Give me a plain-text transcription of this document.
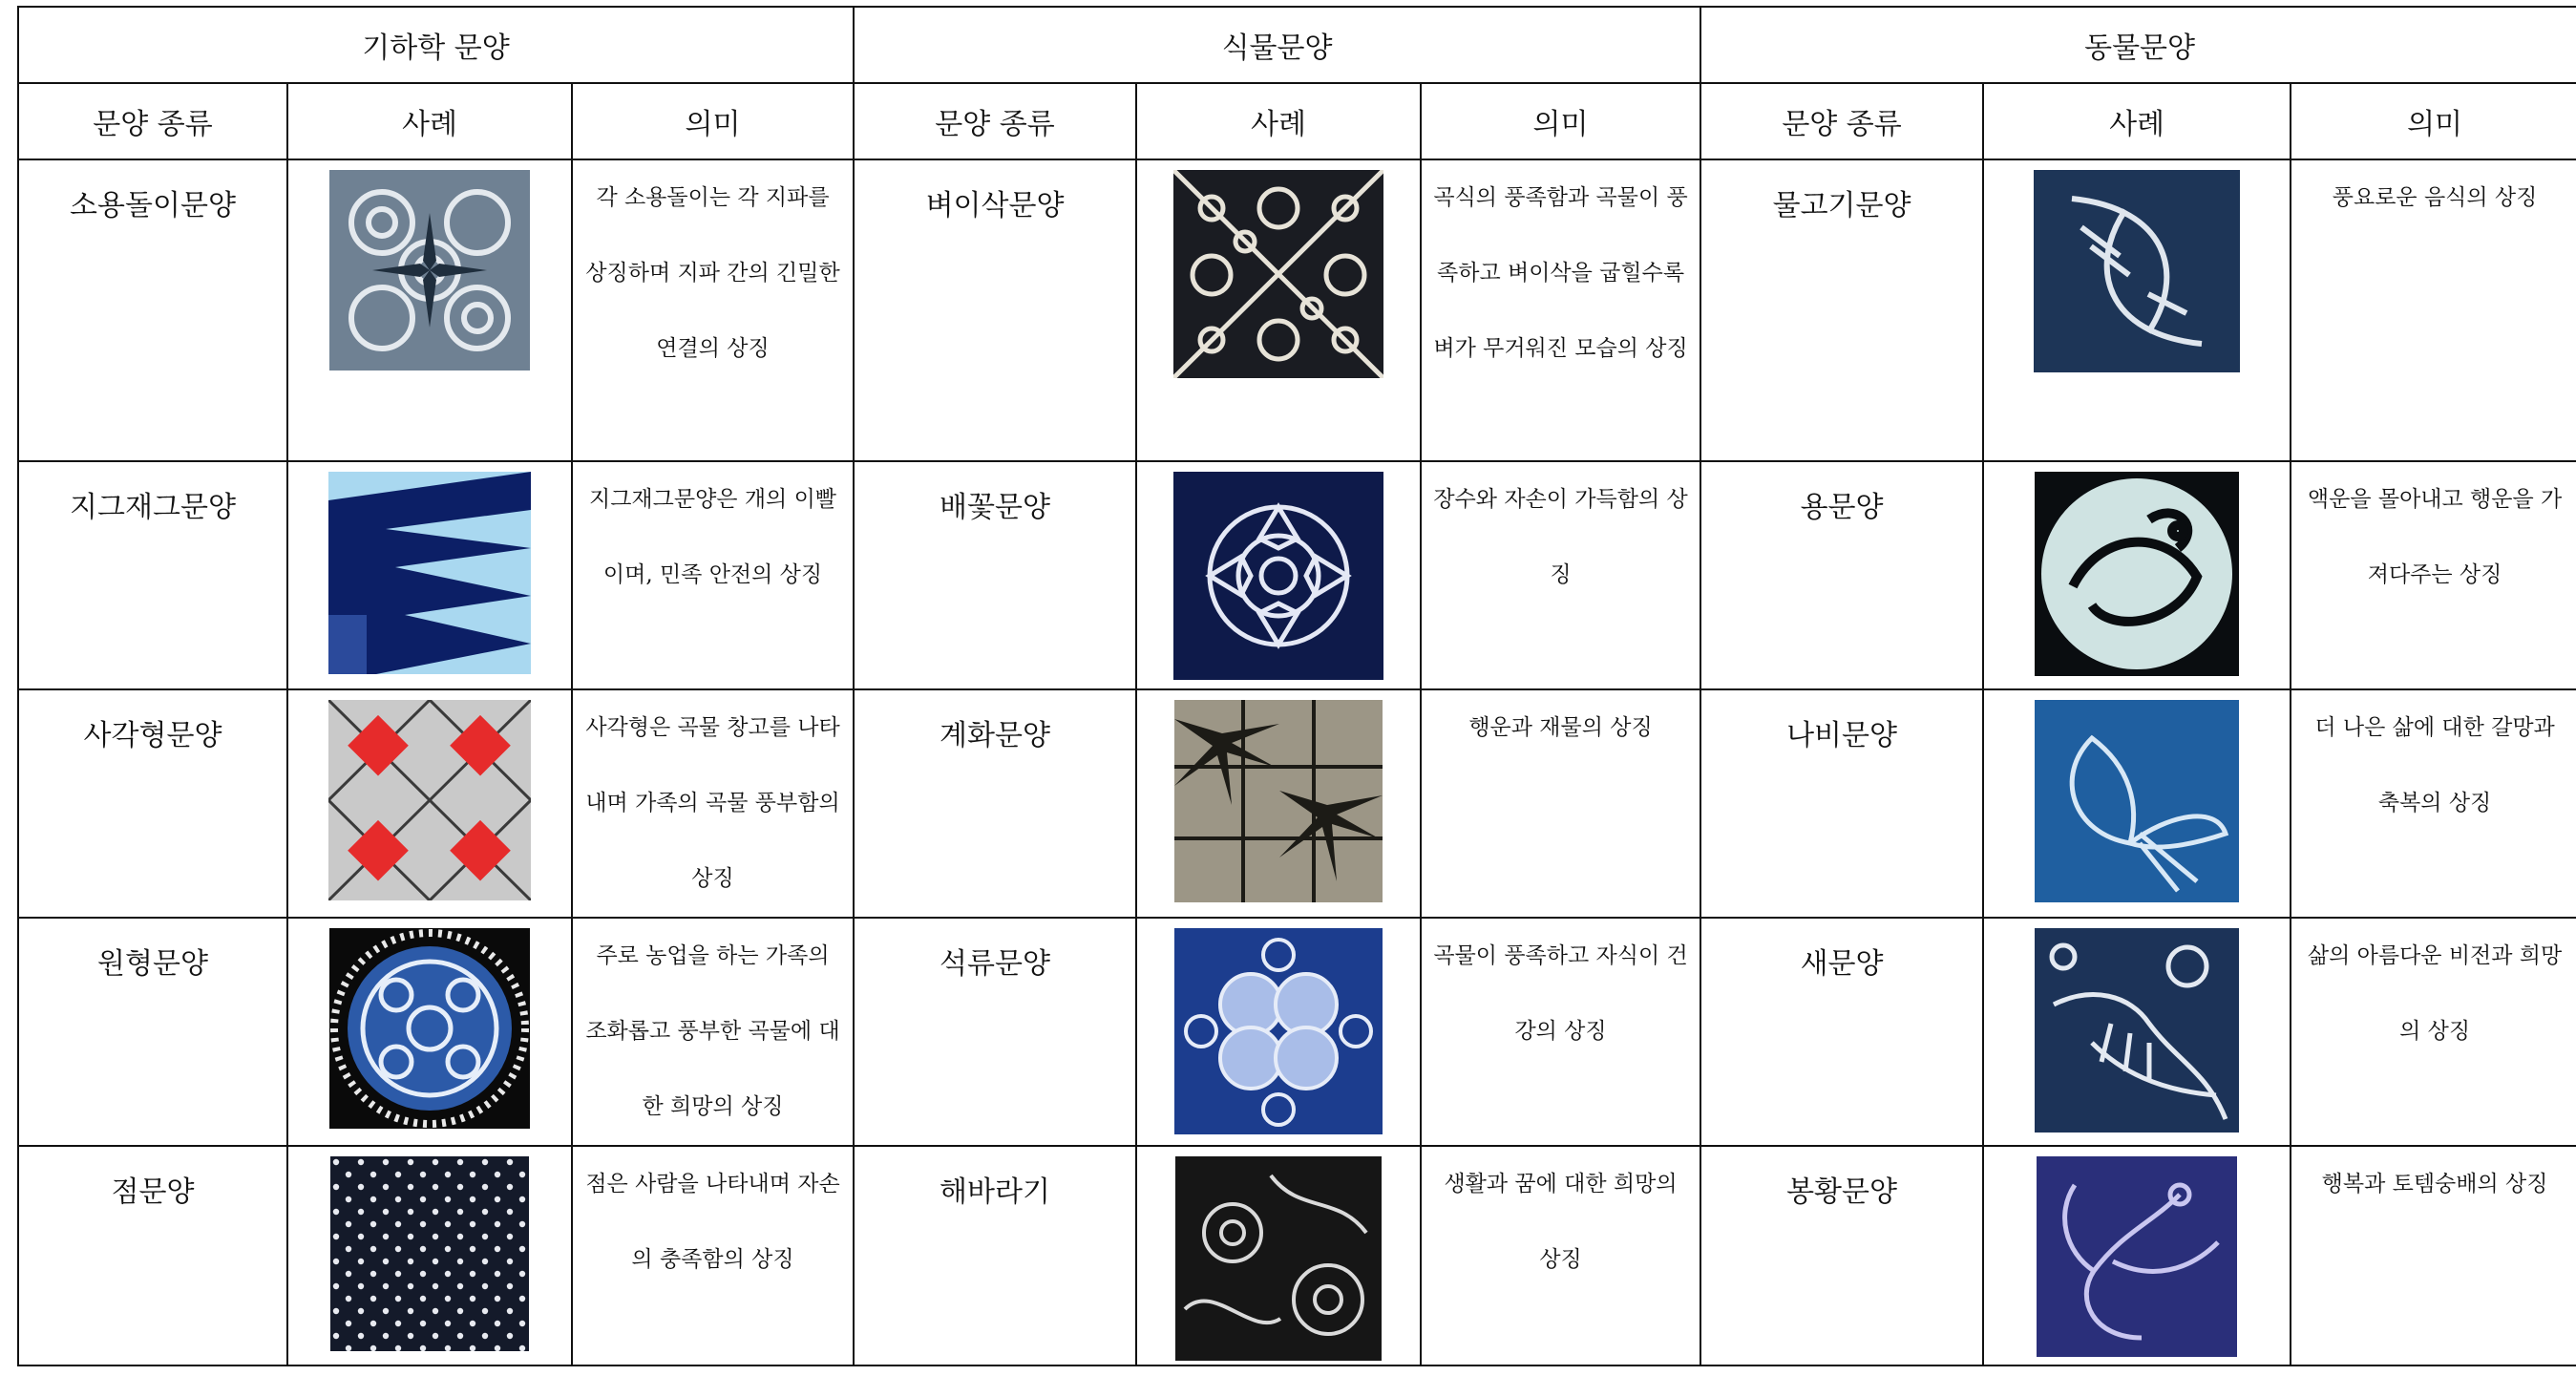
기하학 문양			식물문양			동물문양		
문양 종류	사례	의미	문양 종류	사례	의미	문양 종류	사례	의미
소용돌이문양		각 소용돌이는 각 지파를 상징하며 지파 간의 긴밀한 연결의 상징	벼이삭문양		곡식의 풍족함과 곡물이 풍족하고 벼이삭을 굽힐수록 벼가 무거워진 모습의 상징	물고기문양		풍요로운 음식의 상징
지그재그문양		지그재그문양은 개의 이빨이며, 민족 안전의 상징	배꽃문양		장수와 자손이 가득함의 상징	용문양		액운을 몰아내고 행운을 가져다주는 상징
사각형문양		사각형은 곡물 창고를 나타내며 가족의 곡물 풍부함의 상징	계화문양		행운과 재물의 상징	나비문양		더 나은 삶에 대한 갈망과 축복의 상징
원형문양		주로 농업을 하는 가족의 조화롭고 풍부한 곡물에 대한 희망의 상징	석류문양		곡물이 풍족하고 자식이 건강의 상징	새문양		삶의 아름다운 비전과 희망의 상징
점문양		점은 사람을 나타내며 자손의 충족함의 상징	해바라기		생활과 꿈에 대한 희망의 상징	봉황문양		행복과 토템숭배의 상징
